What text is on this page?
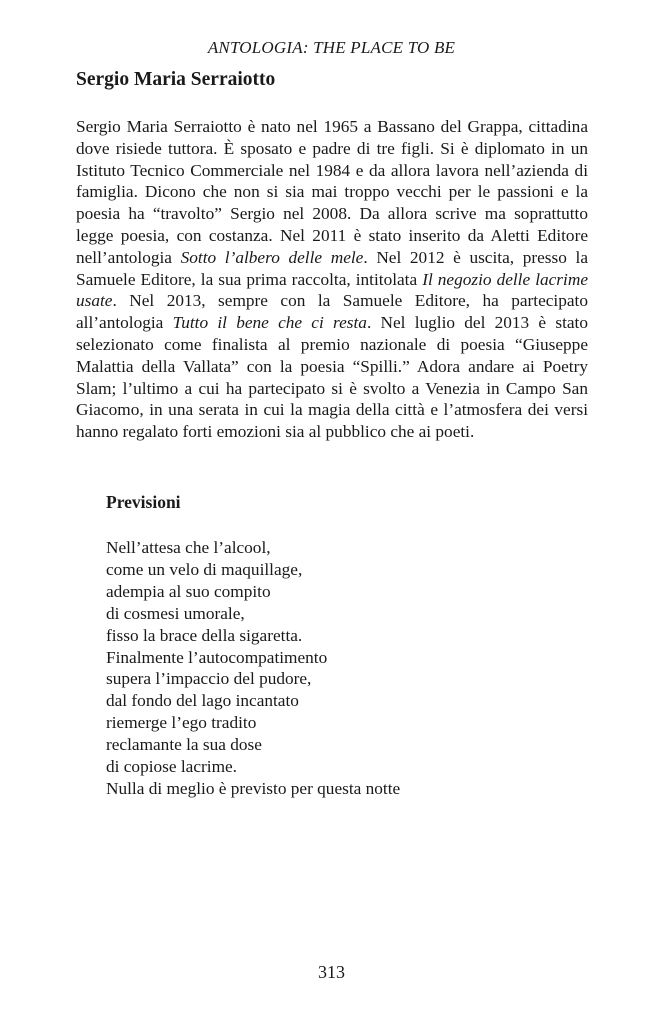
ANTOLOGIA: THE PLACE TO BE
Sergio Maria Serraiotto

Sergio Maria Serraiotto è nato nel 1965 a Bassano del Grappa, cittadina dove risiede tuttora. È sposato e padre di tre figli. Si è diplomato in un Istituto Tecnico Commerciale nel 1984 e da allora lavora nell’azienda di famiglia. Dicono che non si sia mai troppo vecchi per le passioni e la poesia ha “travolto” Sergio nel 2008. Da allora scrive ma soprattutto legge poesia, con costanza. Nel 2011 è stato inserito da Aletti Editore nell’antologia Sotto l’albero delle mele. Nel 2012 è uscita, presso la Samuele Editore, la sua prima raccolta, intitolata Il negozio delle lacrime usate. Nel 2013, sempre con la Samuele Editore, ha partecipato all’antologia Tutto il bene che ci resta. Nel luglio del 2013 è stato selezionato come finalista al premio nazionale di poesia “Giuseppe Malattia della Vallata” con la poesia “Spilli.” Adora andare ai Poetry Slam; l’ultimo a cui ha partecipato si è svolto a Venezia in Campo San Giacomo, in una serata in cui la magia della città e l’atmosfera dei versi hanno regalato forti emozioni sia al pubblico che ai poeti.

Previsioni
Nell’attesa che l’alcool,
come un velo di maquillage,
adempia al suo compito
di cosmesi umorale,
fisso la brace della sigaretta.
Finalmente l’autocompatimento
supera l’impaccio del pudore,
dal fondo del lago incantato
riemerge l’ego tradito
reclamante la sua dose
di copiose lacrime.
Nulla di meglio è previsto per questa notte
313
